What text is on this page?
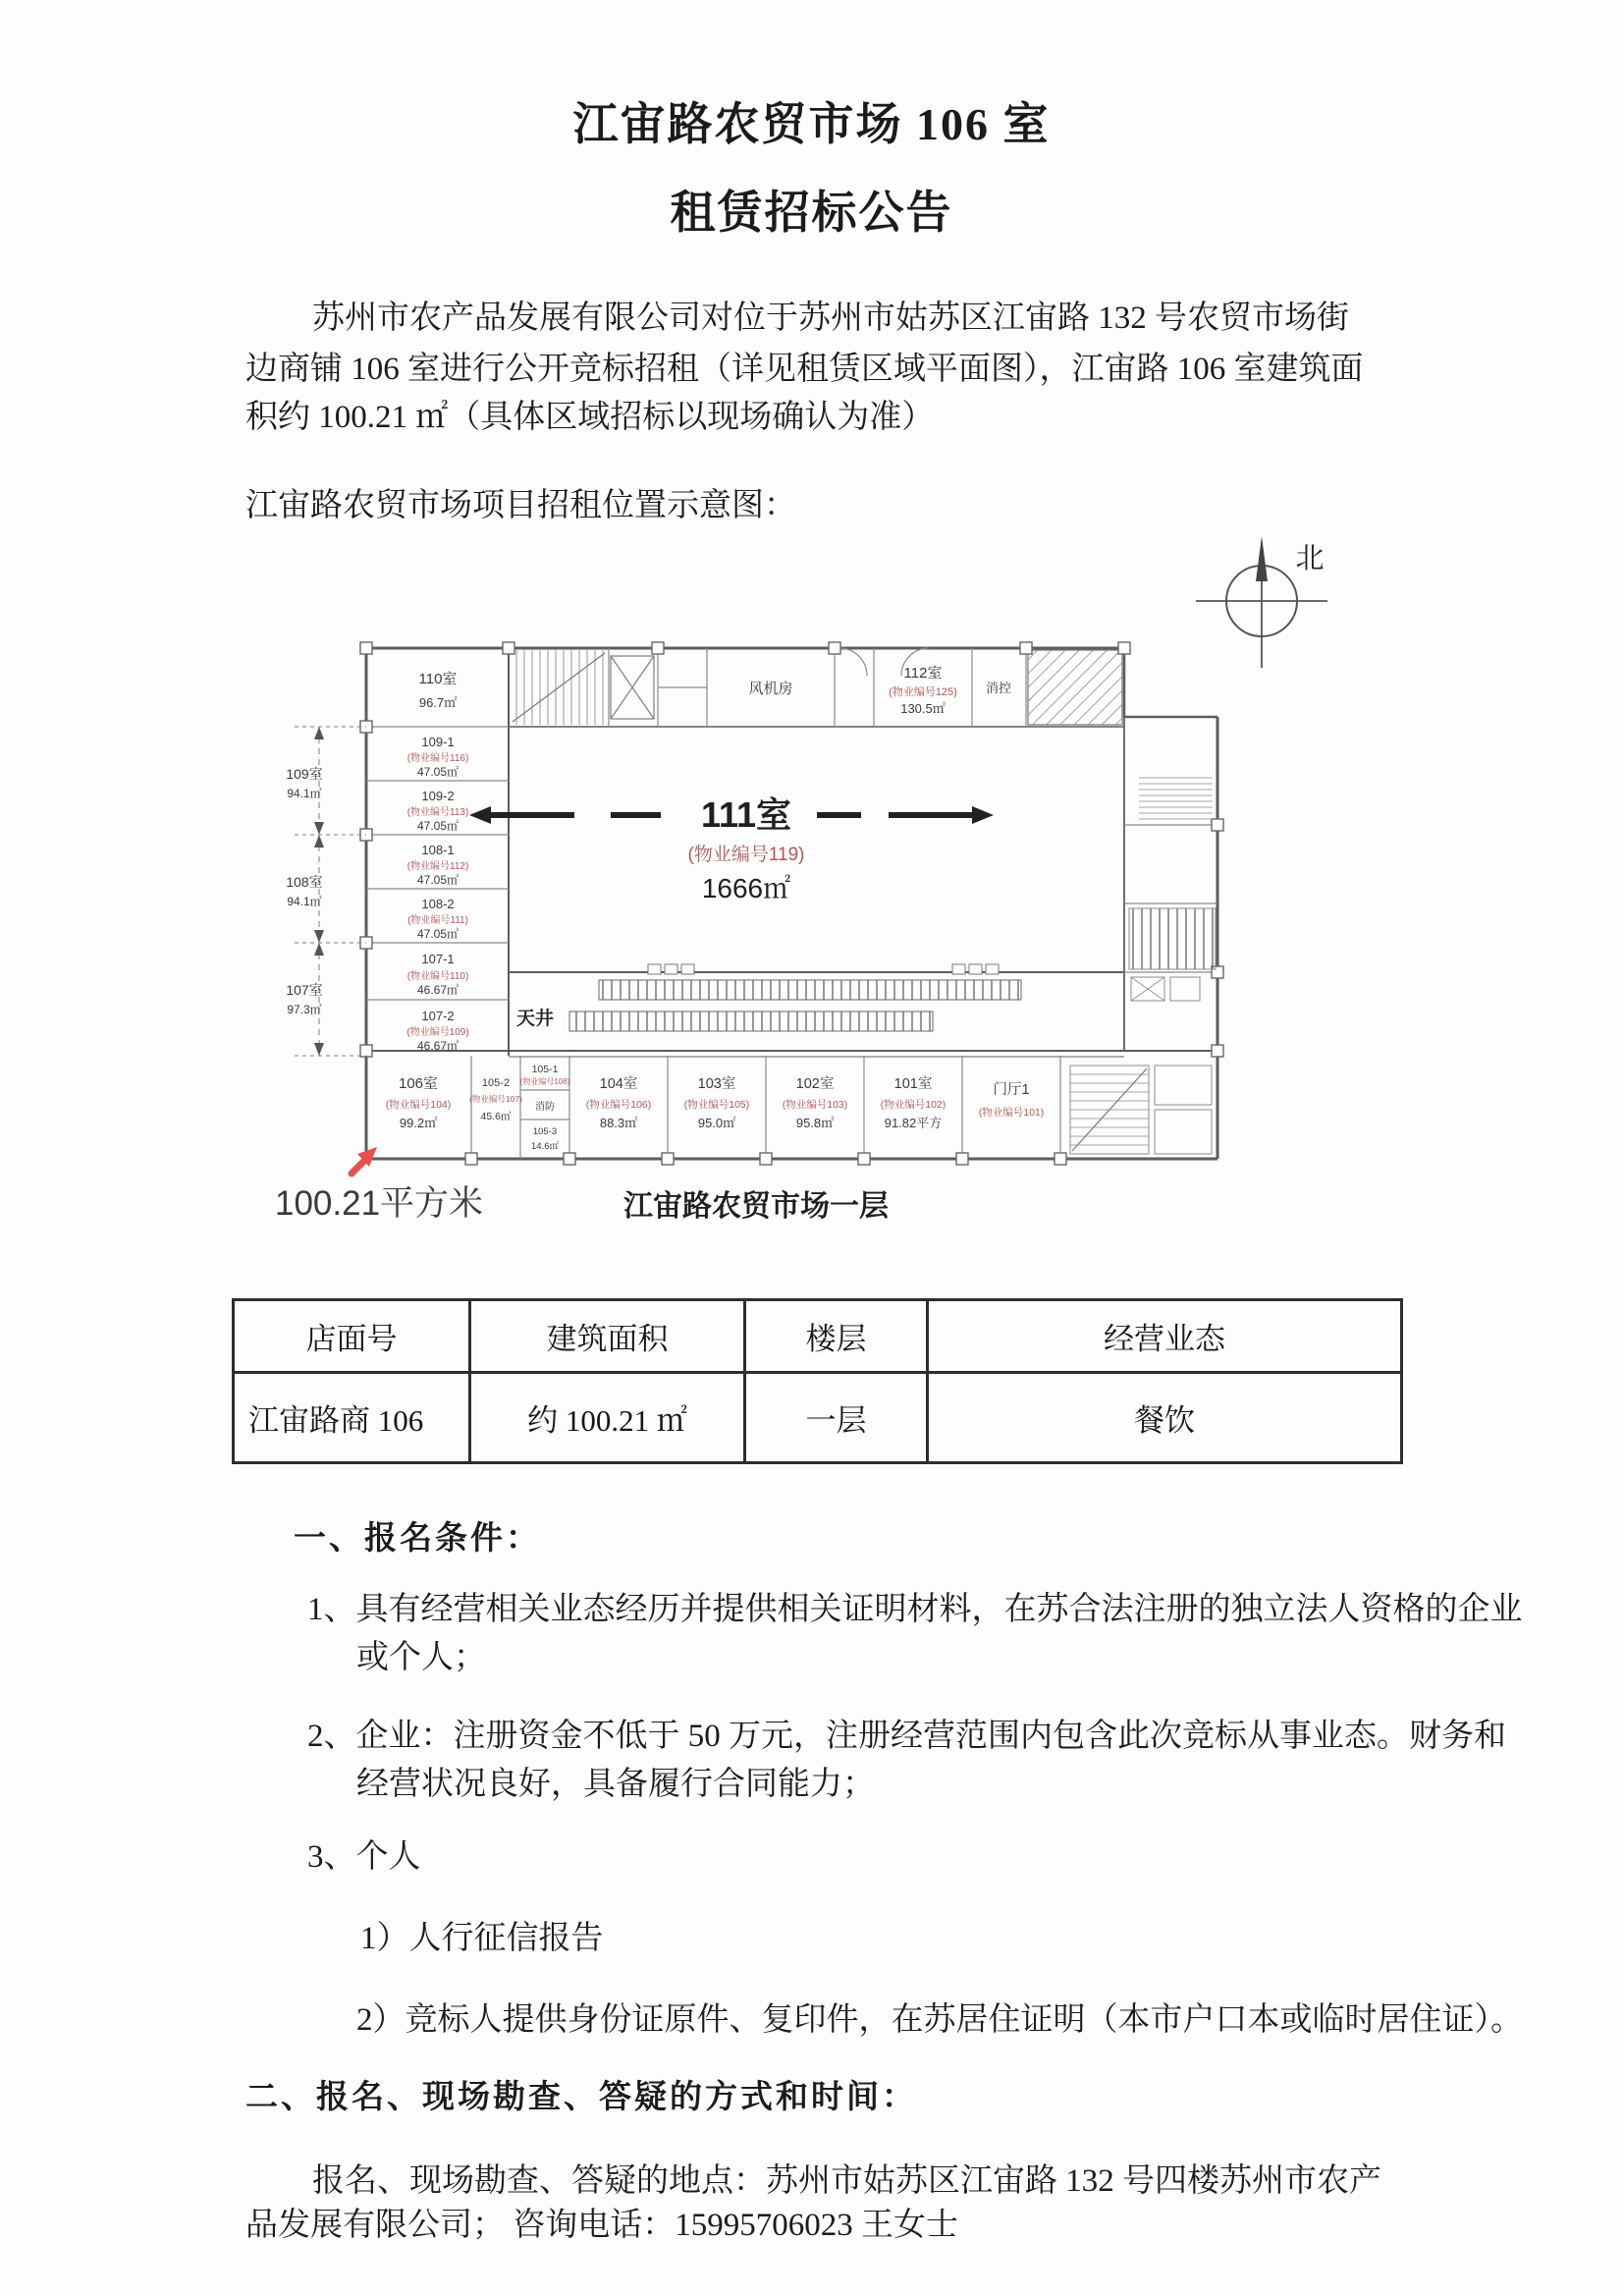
江宙路农贸市场 106 室
租赁招标公告
苏州市农产品发展有限公司对位于苏州市姑苏区江宙路 132 号农贸市场街
边商铺 106 室进行公开竞标招租（详见租赁区域平面图），江宙路 106 室建筑面
积约 100.21 ㎡（具体区域招标以现场确认为准）
江宙路农贸市场项目招租位置示意图：
北
111室
(物业编号119)
1666㎡
天井
110室
96.7㎡
风机房
112室
(物业编号125)
130.5㎡
消控
109-1
(物业编号116)
47.05㎡
109-2
(物业编号113)
47.05㎡
108-1
(物业编号112)
47.05㎡
108-2
(物业编号111)
47.05㎡
107-1
(物业编号110)
46.67㎡
107-2
(物业编号109)
46.67㎡
109室
94.1㎡
108室
94.1㎡
107室
97.3㎡
106室
(物业编号104)
99.2㎡
105-2
(物业编号107)
45.6㎡
105-1
(物业编号108)
消防
105-3
14.6㎡
104室
(物业编号106)
88.3㎡
103室
(物业编号105)
95.0㎡
102室
(物业编号103)
95.8㎡
101室
(物业编号102)
91.82平方
门厅1
(物业编号101)
100.21平方米	江宙路农贸市场一层
店面号	建筑面积	楼层	经营业态
江宙路商 106	约 100.21 ㎡	一层	餐饮
一、报名条件：
1、具有经营相关业态经历并提供相关证明材料，在苏合法注册的独立法人资格的企业
或个人；
2、企业：注册资金不低于 50 万元，注册经营范围内包含此次竞标从事业态。财务和
经营状况良好，具备履行合同能力；
3、个人
1）人行征信报告
2）竞标人提供身份证原件、复印件，在苏居住证明（本市户口本或临时居住证）。
二、报名、现场勘查、答疑的方式和时间：
报名、现场勘查、答疑的地点：苏州市姑苏区江宙路 132 号四楼苏州市农产
品发展有限公司； 咨询电话：15995706023 王女士
